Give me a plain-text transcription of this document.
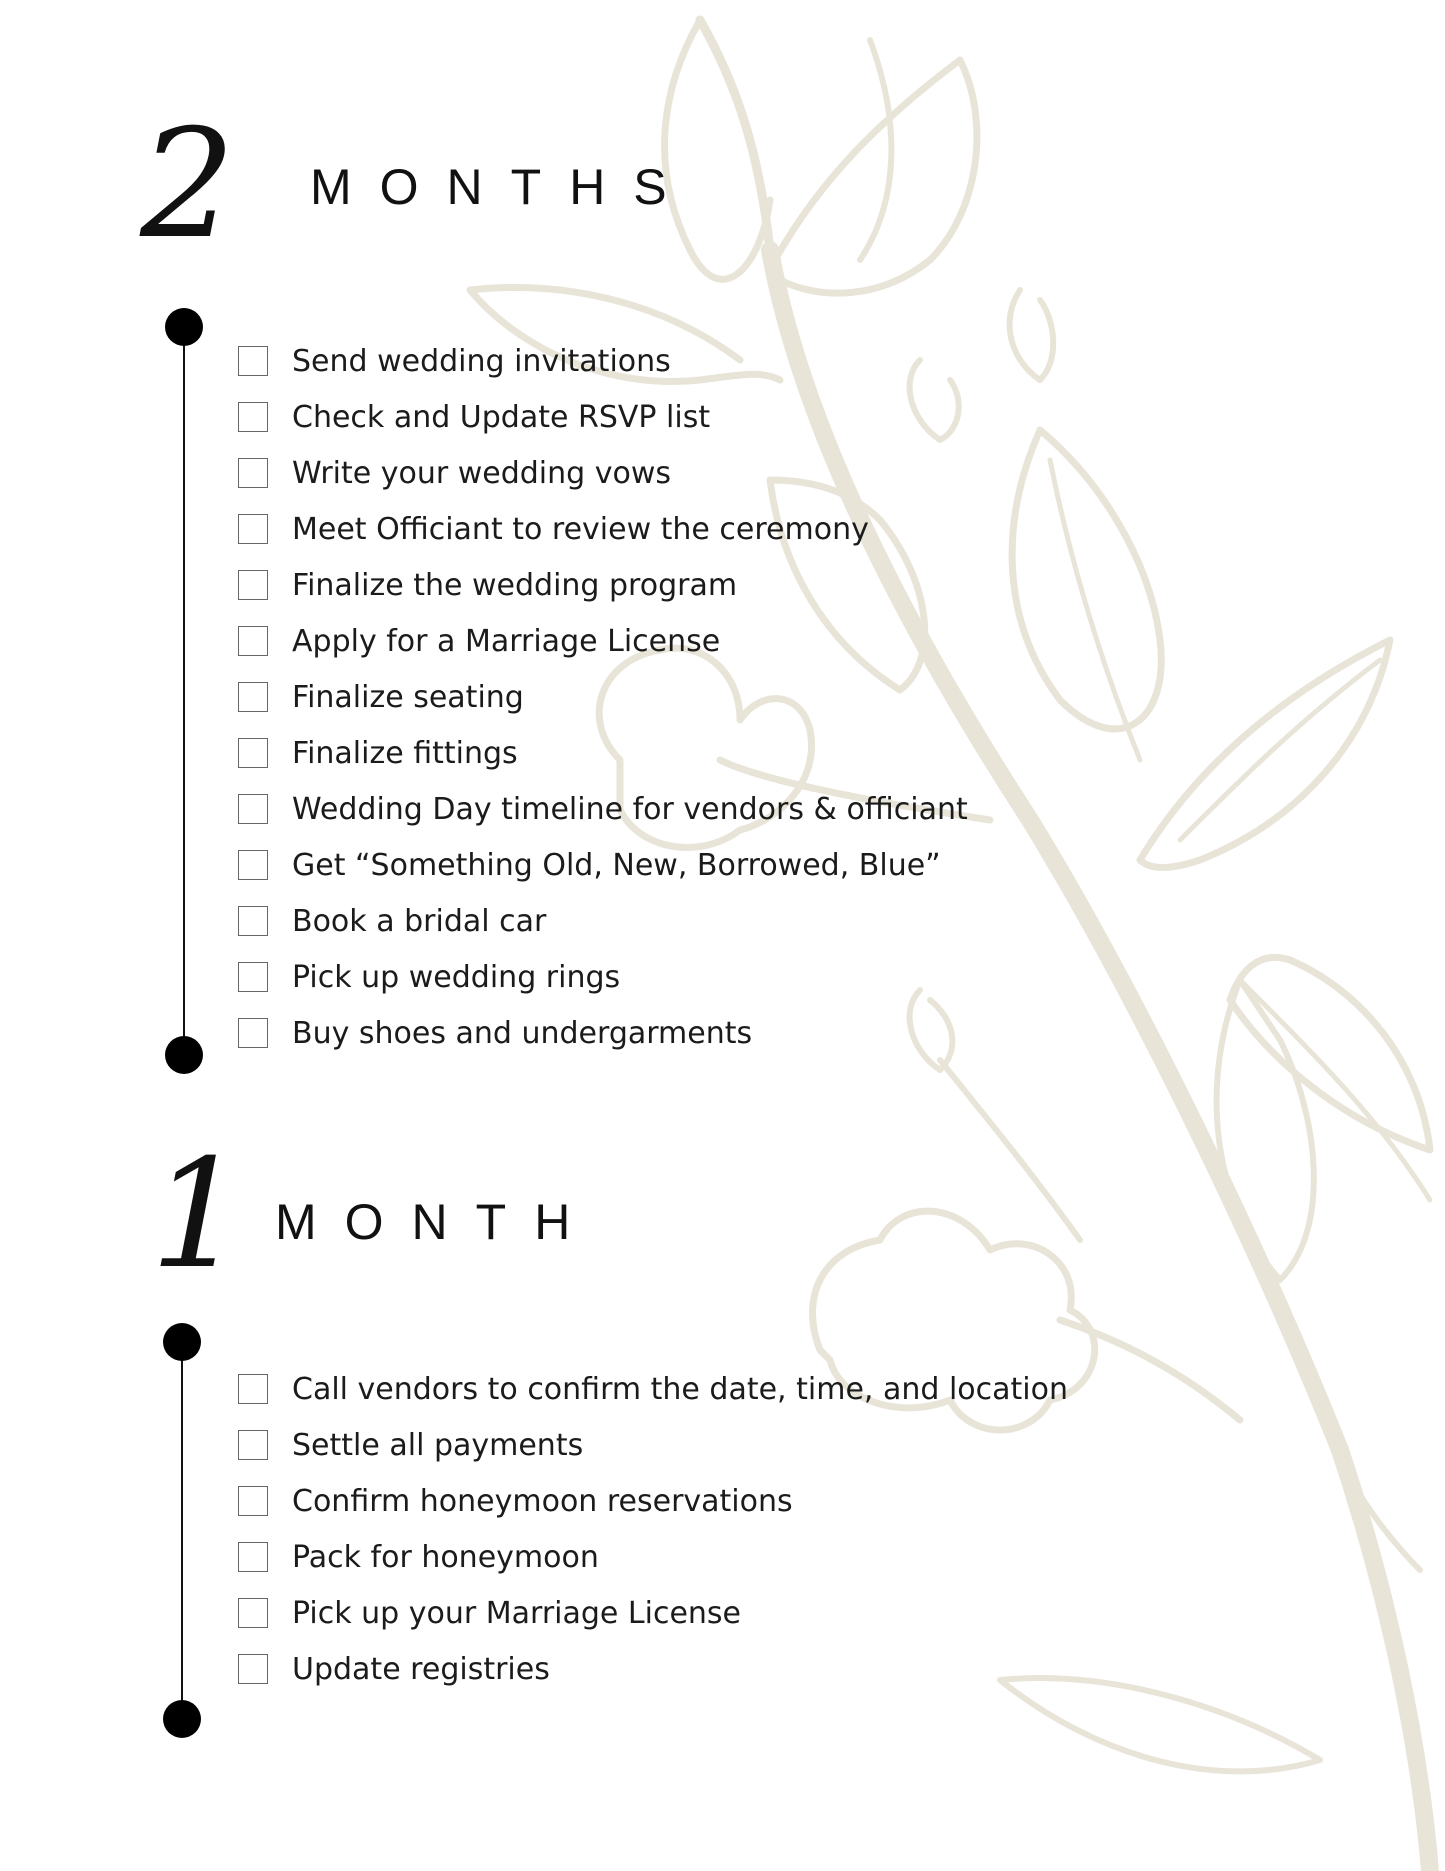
2 MONTHS
Send wedding invitations
Check and Update RSVP list
Write your wedding vows
Meet Officiant to review the ceremony
Finalize the wedding program
Apply for a Marriage License
Finalize seating
Finalize fittings
Wedding Day timeline for vendors & officiant
Get “Something Old, New, Borrowed, Blue”
Book a bridal car
Pick up wedding rings
Buy shoes and undergarments
1 MONTH
Call vendors to confirm the date, time, and location
Settle all payments
Confirm honeymoon reservations
Pack for honeymoon
Pick up your Marriage License
Update registries
